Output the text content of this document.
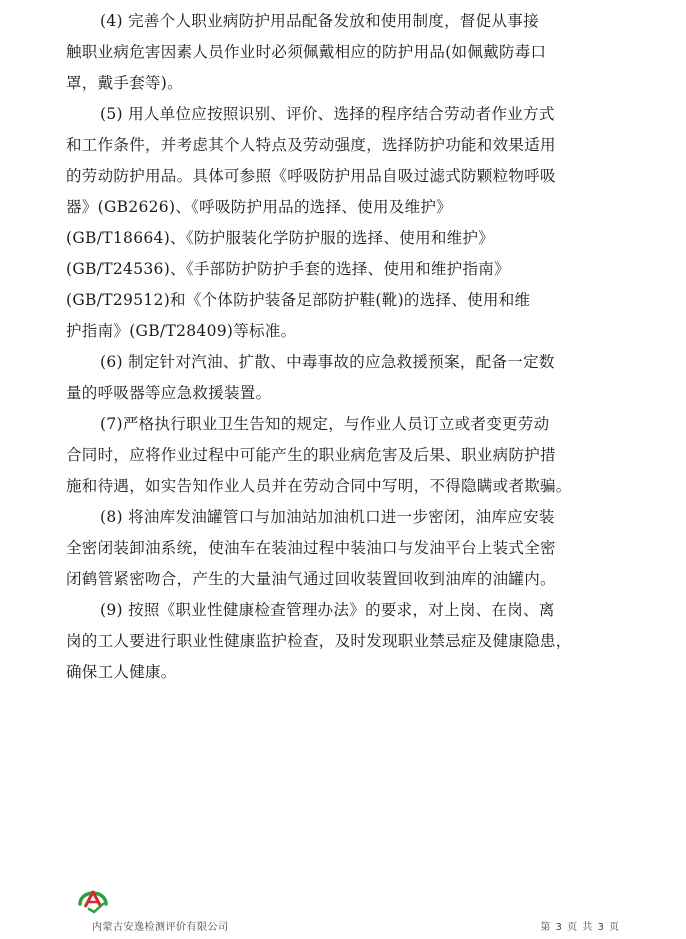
(4) 完善个人职业病防护用品配备发放和使用制度，督促从事接
触职业病危害因素人员作业时必须佩戴相应的防护用品(如佩戴防毒口
罩，戴手套等)。

(5) 用人单位应按照识别、评价、选择的程序结合劳动者作业方式
和工作条件，并考虑其个人特点及劳动强度，选择防护功能和效果适用
的劳动防护用品。具体可参照《呼吸防护用品自吸过滤式防颗粒物呼吸
器》(GB2626)、《呼吸防护用品的选择、使用及维护》
(GB/T18664)、《防护服装化学防护服的选择、使用和维护》
(GB/T24536)、《手部防护防护手套的选择、使用和维护指南》
(GB/T29512)和《个体防护装备足部防护鞋(靴)的选择、使用和维
护指南》(GB/T28409)等标准。

(6) 制定针对汽油、扩散、中毒事故的应急救援预案，配备一定数
量的呼吸器等应急救援装置。

(7)严格执行职业卫生告知的规定，与作业人员订立或者变更劳动
合同时，应将作业过程中可能产生的职业病危害及后果、职业病防护措
施和待遇，如实告知作业人员并在劳动合同中写明，不得隐瞒或者欺骗。

(8) 将油库发油罐管口与加油站加油机口进一步密闭，油库应安装
全密闭装卸油系统，使油车在装油过程中装油口与发油平台上装式全密
闭鹤管紧密吻合，产生的大量油气通过回收装置回收到油库的油罐内。

(9) 按照《职业性健康检查管理办法》的要求，对上岗、在岗、离
岗的工人要进行职业性健康监护检查，及时发现职业禁忌症及健康隐患，
确保工人健康。

内蒙古安逸检测评价有限公司	第 3 页 共 3 页
